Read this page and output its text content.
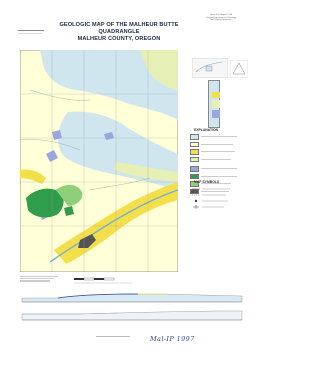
GEOLOGIC MAP OF THE MALHEUR BUTTE QUADRANGLE
MALHEUR COUNTY, OREGON
Open-File Report O-93
Oregon Department of Geology
and Mineral Industries
EXPLANATION
MAP SYMBOLS
Mal-IP 1997
